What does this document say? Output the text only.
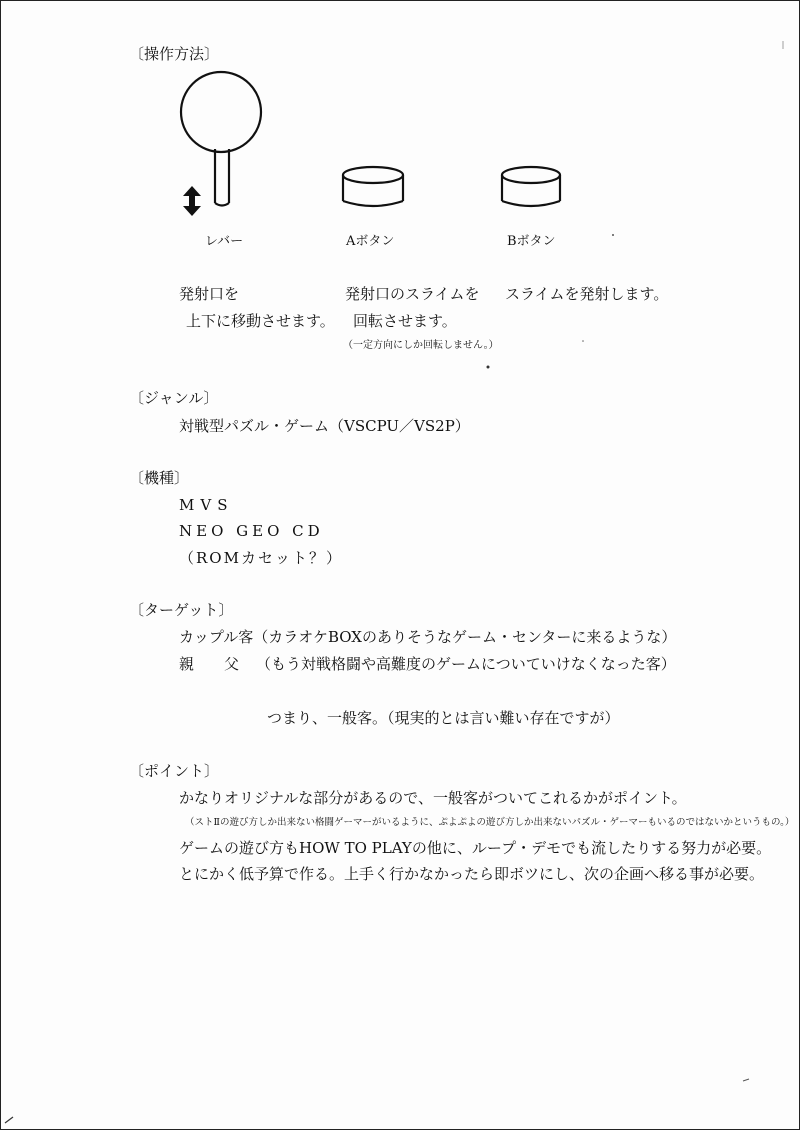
〔操作方法〕
レバー	Aボタン	Bボタン
発射口を
上下に移動させます。
発射口のスライムを
回転させます。
（一定方向にしか回転しません。）
スライムを発射します。
〔ジャンル〕
対戦型パズル・ゲーム（VSCPU／VS2P）
〔機種〕
MVS
NEO GEO CD
（ROMカセット？）
〔ターゲット〕
カップル客（カラオケBOXのありそうなゲーム・センターに来るような）
親　　父 （もう対戦格闘や高難度のゲームについていけなくなった客）
つまり、一般客。（現実的とは言い難い存在ですが）
〔ポイント〕
かなりオリジナルな部分があるので、一般客がついてこれるかがポイント。
（ストⅡの遊び方しか出来ない格闘ゲーマーがいるように、ぷよぷよの遊び方しか出来ないパズル・ゲーマーもいるのではないかというもの。）
ゲームの遊び方もHOW TO PLAYの他に、ループ・デモでも流したりする努力が必要。
とにかく低予算で作る。上手く行かなかったら即ボツにし、次の企画へ移る事が必要。
